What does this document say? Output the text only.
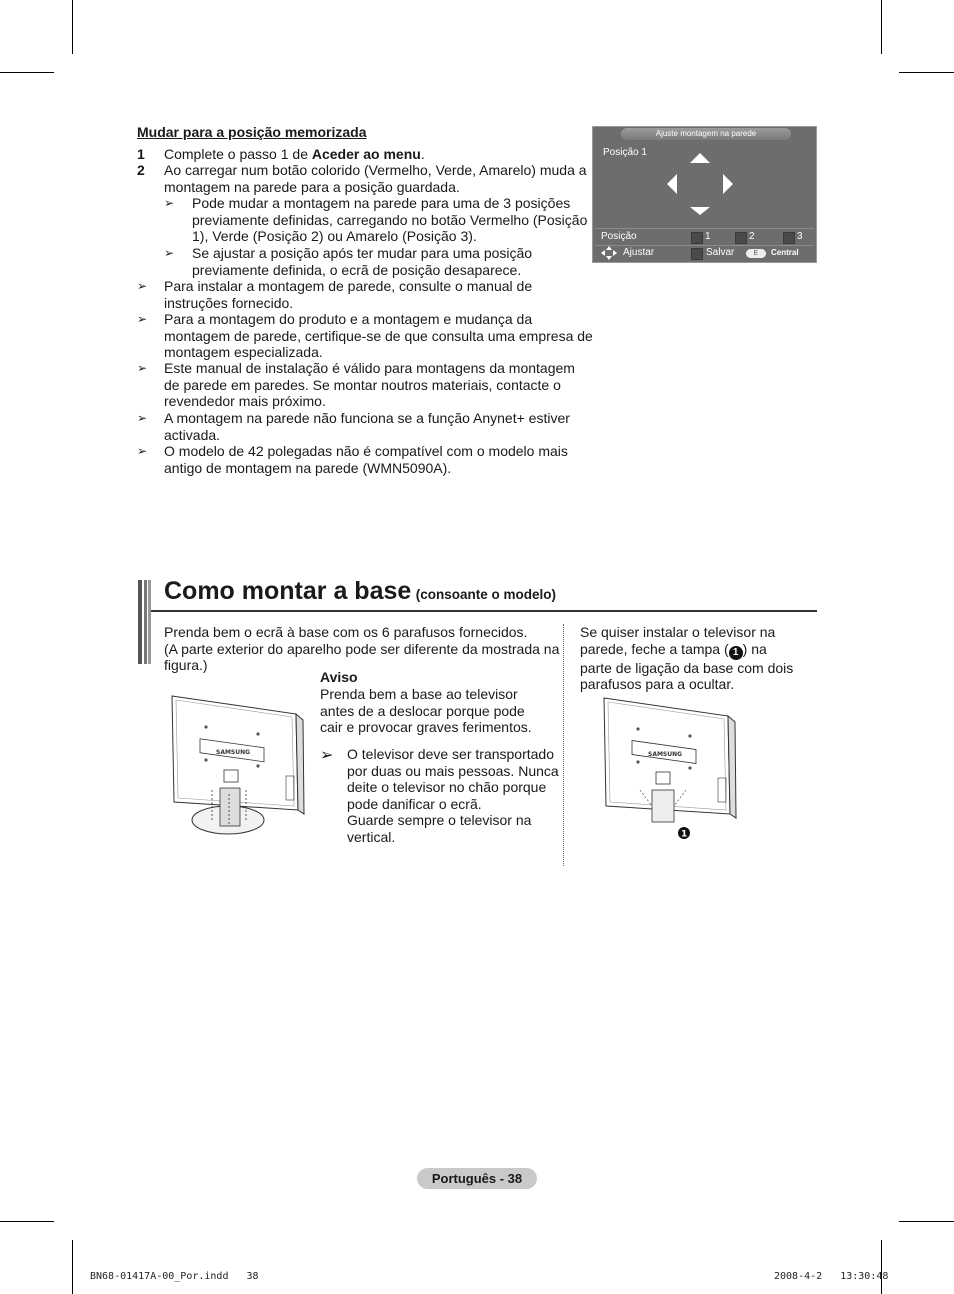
Mudar para a posição memorizada
1 Complete o passo 1 de Aceder ao menu.
2 Ao carregar num botão colorido (Vermelho, Verde, Amarelo) muda a
montagem na parede para a posição guardada.
➢ Pode mudar a montagem na parede para uma de 3 posições
previamente definidas, carregando no botão Vermelho (Posição
1), Verde (Posição 2) ou Amarelo (Posição 3).
➢ Se ajustar a posição após ter mudar para uma posição
previamente definida, o ecrã de posição desaparece.
➢ Para instalar a montagem de parede, consulte o manual de
instruções fornecido.
➢ Para a montagem do produto e a montagem e mudança da
montagem de parede, certifique-se de que consulta uma empresa de
montagem especializada.
➢ Este manual de instalação é válido para montagens da montagem
de parede em paredes. Se montar noutros materiais, contacte o
revendedor mais próximo.
➢ A montagem na parede não funciona se a função Anynet+ estiver
activada.
➢ O modelo de 42 polegadas não é compatível com o modelo mais
antigo de montagem na parede (WMN5090A).
Ajuste montagem na parede
Posição 1
Posição	1	2	3
Ajustar	Salvar	E	Central
Como montar a base (consoante o modelo)
Prenda bem o ecrã à base com os 6 parafusos fornecidos.
(A parte exterior do aparelho pode ser diferente da mostrada na
figura.)
Aviso
Prenda bem a base ao televisor
antes de a deslocar porque pode
cair e provocar graves ferimentos.
➢ O televisor deve ser transportado
por duas ou mais pessoas. Nunca
deite o televisor no chão porque
pode danificar o ecrã.
Guarde sempre o televisor na
vertical.
Se quiser instalar o televisor na
parede, feche a tampa ( 1 ) na
parte de ligação da base com dois
parafusos para a ocultar.
SAMSUNG	SAMSUNG
1
Português - 38
BN68-01417A-00_Por.indd   38	2008-4-2   13:30:48
